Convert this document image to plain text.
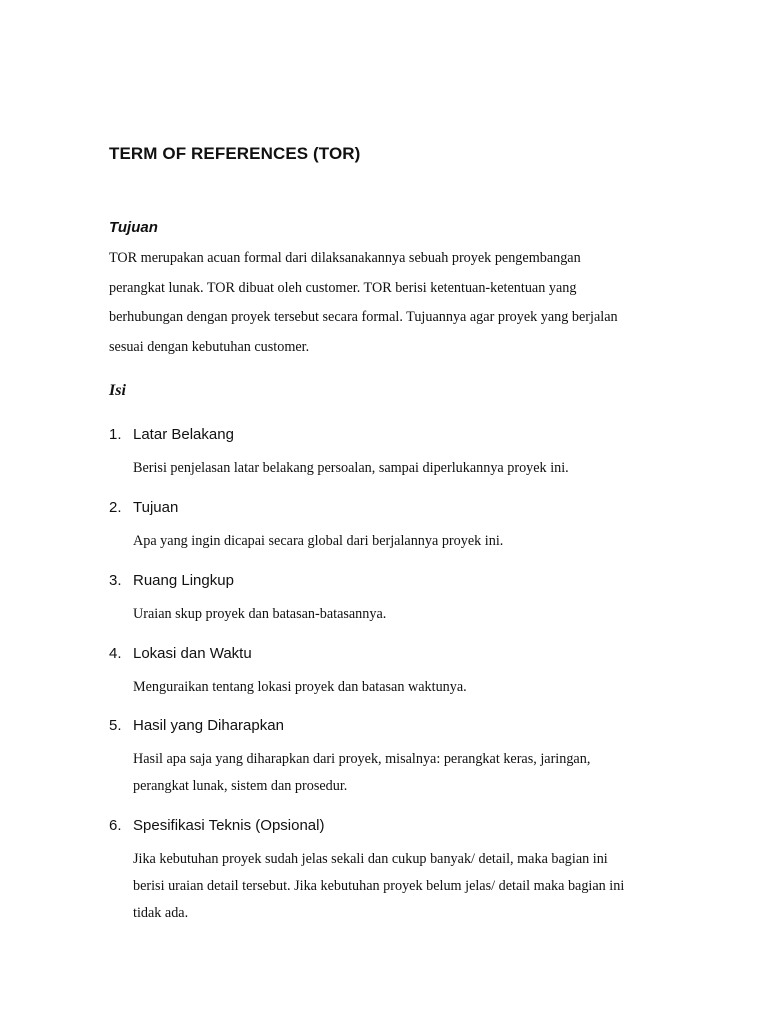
TERM OF REFERENCES (TOR)
Tujuan

TOR merupakan acuan formal dari dilaksanakannya sebuah proyek pengembangan
perangkat lunak. TOR dibuat oleh customer. TOR berisi ketentuan-ketentuan yang
berhubungan dengan proyek tersebut secara formal. Tujuannya agar proyek yang berjalan
sesuai dengan kebutuhan customer.

Isi
1. Latar Belakang

Berisi penjelasan latar belakang persoalan, sampai diperlukannya proyek ini.

2. Tujuan

Apa yang ingin dicapai secara global dari berjalannya proyek ini.

3. Ruang Lingkup

Uraian skup proyek dan batasan-batasannya.

4. Lokasi dan Waktu

Menguraikan tentang lokasi proyek dan batasan waktunya.

5. Hasil yang Diharapkan

Hasil apa saja yang diharapkan dari proyek, misalnya: perangkat keras, jaringan,
perangkat lunak, sistem dan prosedur.

6. Spesifikasi Teknis (Opsional)

Jika kebutuhan proyek sudah jelas sekali dan cukup banyak/ detail, maka bagian ini
berisi uraian detail tersebut. Jika kebutuhan proyek belum jelas/ detail maka bagian ini
tidak ada.
